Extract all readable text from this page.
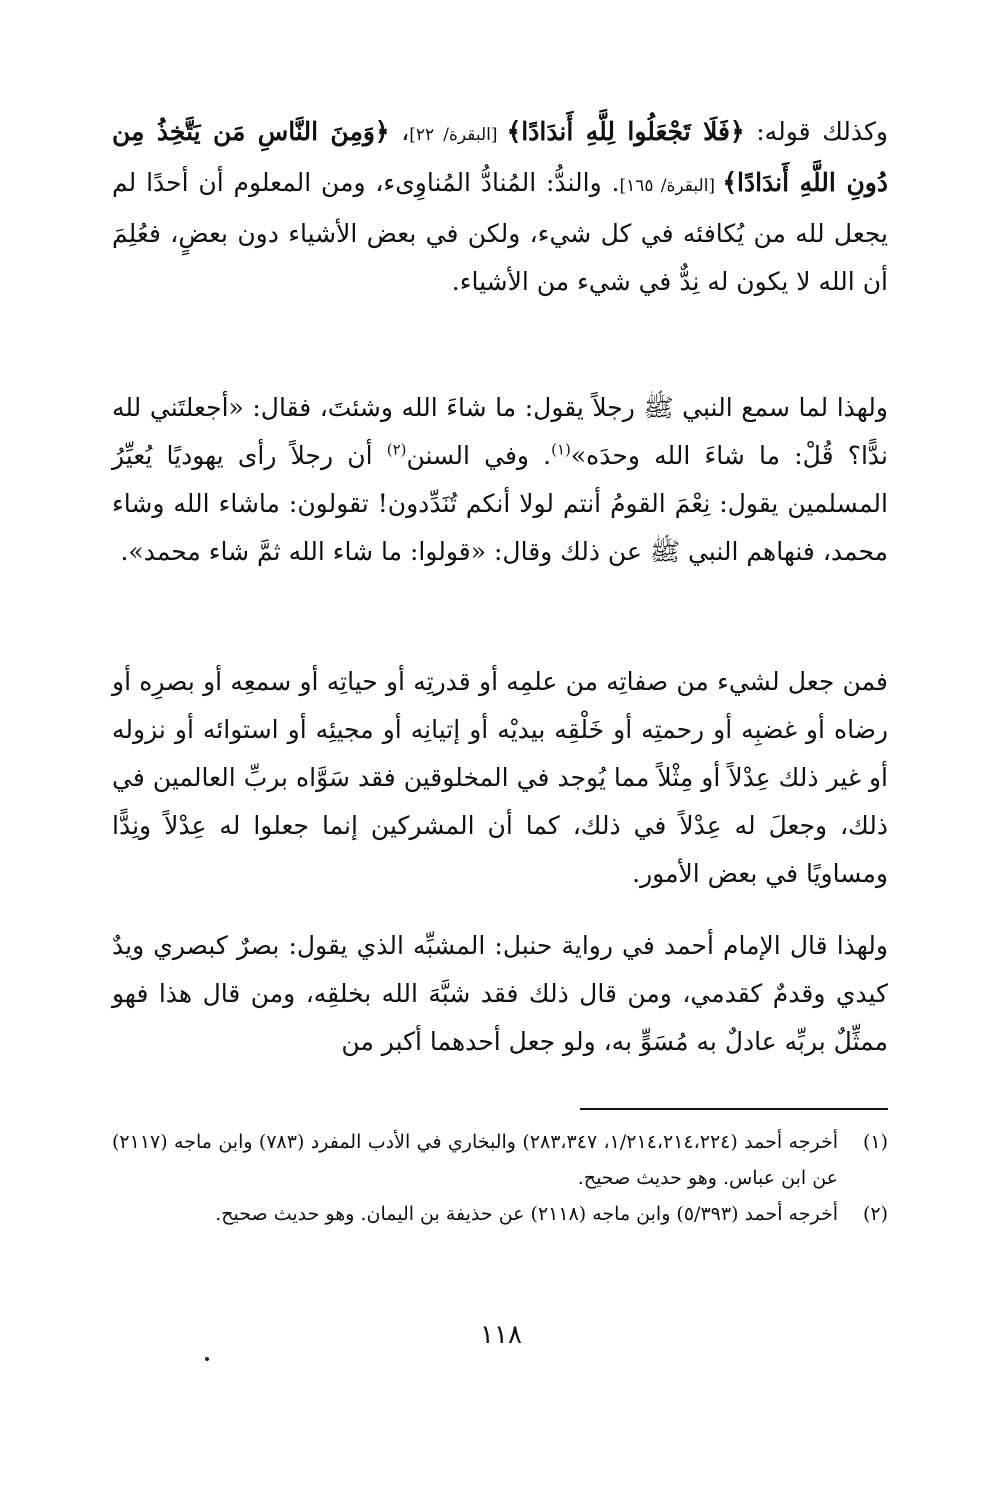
وكذلك قوله: ﴿فَلَا تَجْعَلُوا لِلَّهِ أَندَادًا﴾ [البقرة/ ٢٢]، ﴿وَمِنَ النَّاسِ مَن يَتَّخِذُ مِن دُونِ اللَّهِ أَندَادًا﴾ [البقرة/ ١٦٥]. والندُّ: المُنادُّ المُناوِىء، ومن المعلوم أن أحدًا لم يجعل لله من يُكافئه في كل شيء، ولكن في بعض الأشياء دون بعضٍ، فعُلِمَ أن الله لا يكون له نِدٌّ في شيء من الأشياء.

ولهذا لما سمع النبي ﷺ رجلاً يقول: ما شاءَ الله وشئتَ، فقال: «أجعلتَني لله ندًّا؟ قُلْ: ما شاءَ الله وحدَه»$^{(١)}$. وفي السنن$^{(٢)}$ أن رجلاً رأى يهوديًا يُعيِّرُ المسلمين يقول: نِعْمَ القومُ أنتم لولا أنكم تُنَدِّدون! تقولون: ماشاء الله وشاء محمد، فنهاهم النبي ﷺ عن ذلك وقال: «قولوا: ما شاء الله ثمَّ شاء محمد».

فمن جعل لشيء من صفاتِه من علمِه أو قدرتِه أو حياتِه أو سمعِه أو بصرِه أو رضاه أو غضبِه أو رحمتِه أو خَلْقِه بيديْه أو إتيانِه أو مجيئِه أو استوائه أو نزوله أو غير ذلك عِدْلاً أو مِثْلاً مما يُوجد في المخلوقين فقد سَوَّاه بربِّ العالمين في ذلك، وجعلَ له عِدْلاً في ذلك، كما أن المشركين إنما جعلوا له عِدْلاً ونِدًّا ومساويًا في بعض الأمور.

ولهذا قال الإمام أحمد في رواية حنبل: المشبِّه الذي يقول: بصرٌ كبصري ويدٌ كيدي وقدمٌ كقدمي، ومن قال ذلك فقد شبَّهَ الله بخلقِه، ومن قال هذا فهو ممثِّلٌ بربِّه عادلٌ به مُسَوٍّ به، ولو جعل أحدهما أكبر من

(١)
أخرجه أحمد (١/٢١٤،٢١٤،٢٢٤، ٢٨٣،٣٤٧) والبخاري في الأدب المفرد (٧٨٣) وابن ماجه (٢١١٧) عن ابن عباس. وهو حديث صحيح.
(٢)
أخرجه أحمد (٥/٣٩٣) وابن ماجه (٢١١٨) عن حذيفة بن اليمان. وهو حديث صحيح.
١١٨
